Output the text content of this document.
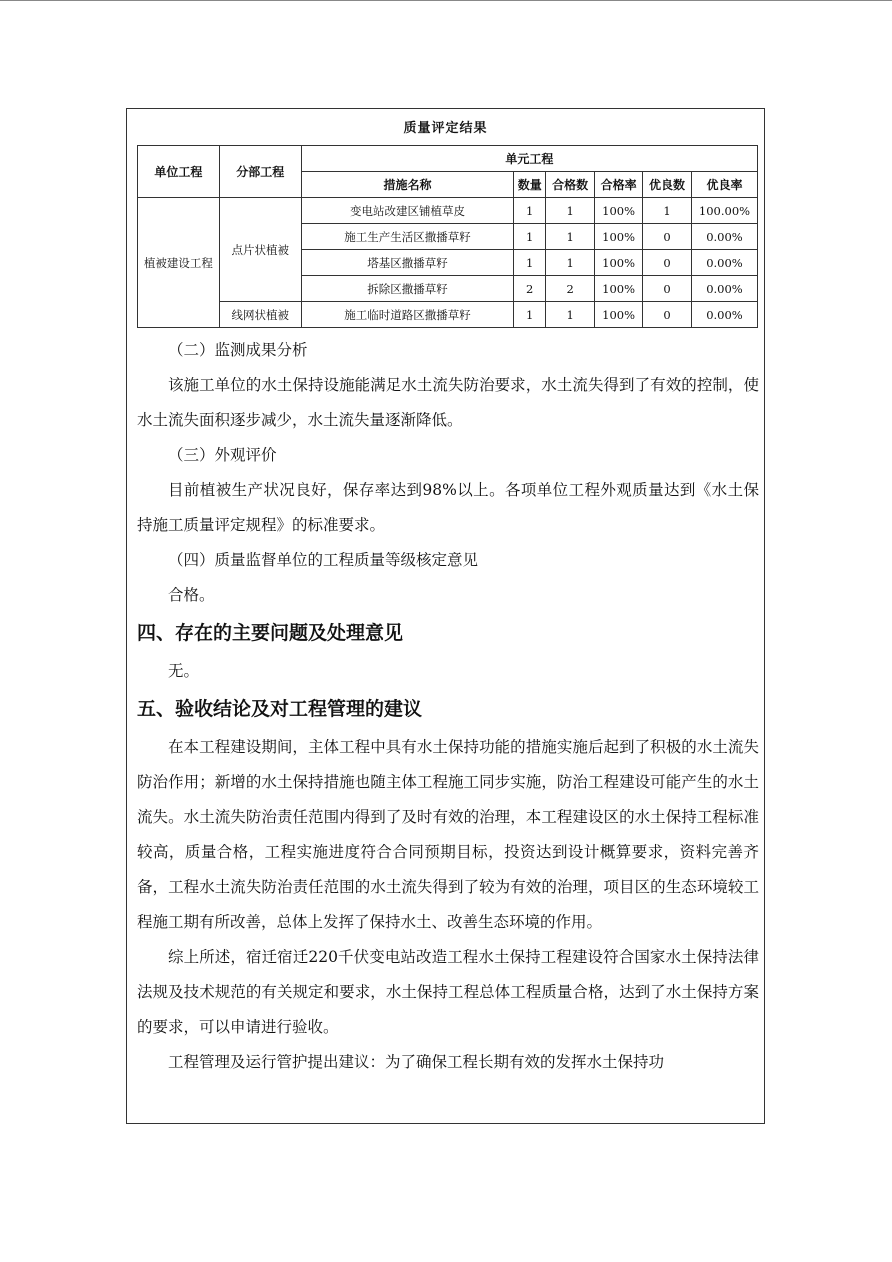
质量评定结果
单位工程	分部工程	单元工程					
		措施名称	数量	合格数	合格率	优良数	优良率
植被建设工程	点片状植被	变电站改建区铺植草皮	1	1	100%	1	100.00%
		施工生产生活区撒播草籽	1	1	100%	0	0.00%
		塔基区撒播草籽	1	1	100%	0	0.00%
		拆除区撒播草籽	2	2	100%	0	0.00%
	线网状植被	施工临时道路区撒播草籽	1	1	100%	0	0.00%

（二）监测成果分析

该施工单位的水土保持设施能满足水土流失防治要求，水土流失得到了有效的控制，使水土流失面积逐步减少，水土流失量逐渐降低。

（三）外观评价

目前植被生产状况良好，保存率达到98%以上。各项单位工程外观质量达到《水土保持施工质量评定规程》的标准要求。

（四）质量监督单位的工程质量等级核定意见

合格。

四、存在的主要问题及处理意见

无。

五、验收结论及对工程管理的建议

在本工程建设期间，主体工程中具有水土保持功能的措施实施后起到了积极的水土流失防治作用；新增的水土保持措施也随主体工程施工同步实施，防治工程建设可能产生的水土流失。水土流失防治责任范围内得到了及时有效的治理，本工程建设区的水土保持工程标准较高，质量合格，工程实施进度符合合同预期目标，投资达到设计概算要求，资料完善齐备，工程水土流失防治责任范围的水土流失得到了较为有效的治理，项目区的生态环境较工程施工期有所改善，总体上发挥了保持水土、改善生态环境的作用。

综上所述，宿迁宿迁220千伏变电站改造工程水土保持工程建设符合国家水土保持法律法规及技术规范的有关规定和要求，水土保持工程总体工程质量合格，达到了水土保持方案的要求，可以申请进行验收。

工程管理及运行管护提出建议：为了确保工程长期有效的发挥水土保持功
